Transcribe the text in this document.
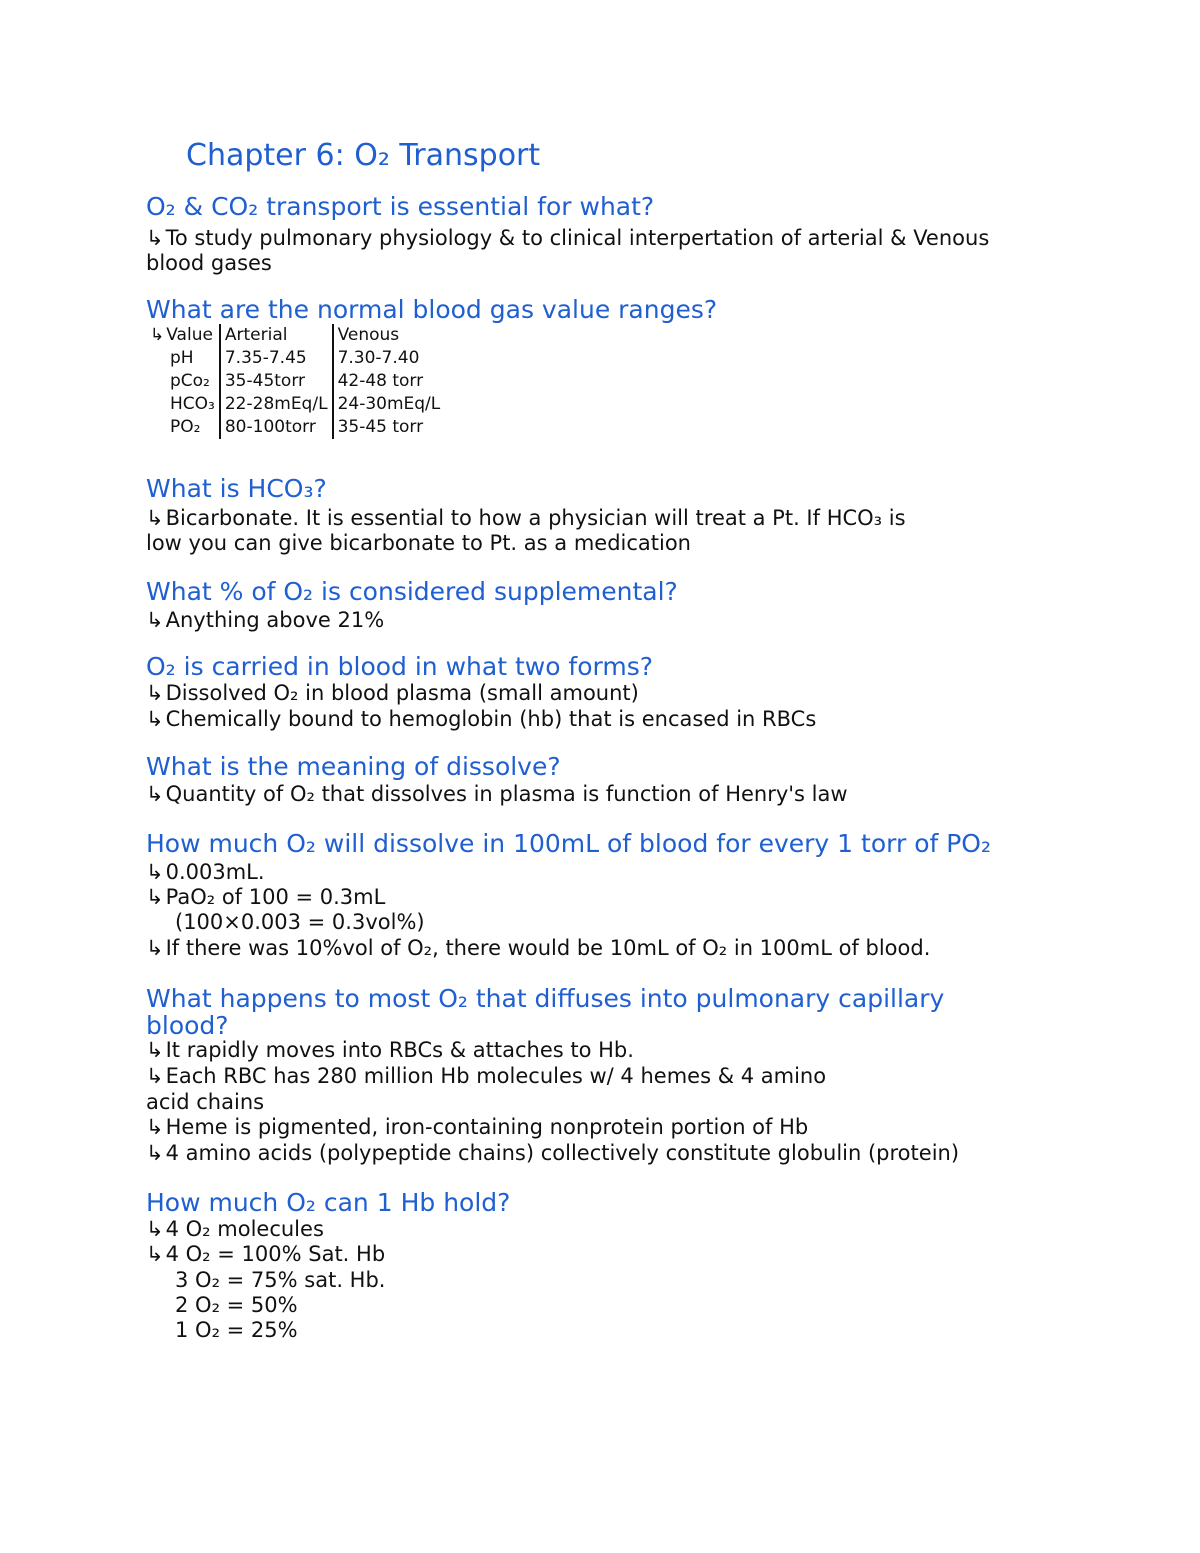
Chapter 6: O₂ Transport
O₂ & CO₂ transport is essential for what?
↳To study pulmonary physiology & to clinical interpertation of arterial & Venous
blood gases
What are the normal blood gas value ranges?
↳ Value	Arterial	Venous
pH	7.35-7.45	7.30-7.40
pCo₂	35-45torr	42-48 torr
HCO₃	22-28mEq/L	24-30mEq/L
PO₂	80-100torr	35-45 torr
What is HCO₃?
↳Bicarbonate. It is essential to how a physician will treat a Pt. If HCO₃ is
low you can give bicarbonate to Pt. as a medication
What % of O₂ is considered supplemental?
↳Anything above 21%
O₂ is carried in blood in what two forms?
↳Dissolved O₂ in blood plasma (small amount)
↳Chemically bound to hemoglobin (hb) that is encased in RBCs
What is the meaning of dissolve?
↳Quantity of O₂ that dissolves in plasma is function of Henry's law
How much O₂ will dissolve in 100mL of blood for every 1 torr of PO₂
↳0.003mL.
↳PaO₂ of 100 = 0.3mL
(100×0.003 = 0.3vol%)
↳If there was 10%vol of O₂, there would be 10mL of O₂ in 100mL of blood.
What happens to most O₂ that diffuses into pulmonary capillary
blood?
↳It rapidly moves into RBCs & attaches to Hb.
↳Each RBC has 280 million Hb molecules w/ 4 hemes & 4 amino
acid chains
↳Heme is pigmented, iron-containing nonprotein portion of Hb
↳4 amino acids (polypeptide chains) collectively constitute globulin (protein)
How much O₂ can 1 Hb hold?
↳4 O₂ molecules
↳4 O₂ = 100% Sat. Hb
3 O₂ = 75% sat. Hb.
2 O₂ = 50%
1 O₂ = 25%
